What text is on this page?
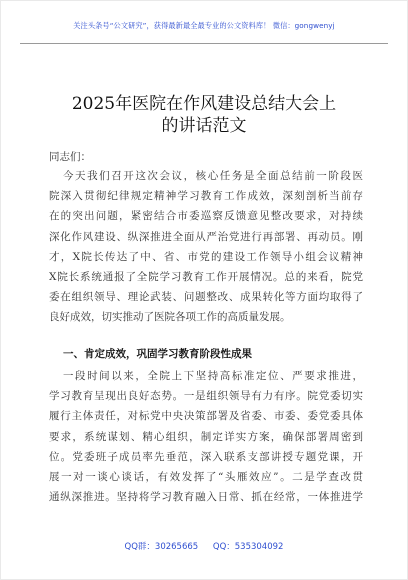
关注头条号“公文研究”，获得最新最全最专业的公文资料库！ 微信：gongwenyj
2025年医院在作风建设总结大会上
的讲话范文
同志们：
今天我们召开这次会议，核心任务是全面总结前一阶段医
院深入贯彻纪律规定精神学习教育工作成效，深刻剖析当前存
在的突出问题，紧密结合市委巡察反馈意见整改要求，对持续
深化作风建设、纵深推进全面从严治党进行再部署、再动员。刚
才，X院长传达了中、省、市党的建设工作领导小组会议精神
X院长系统通报了全院学习教育工作开展情况。总的来看，院党
委在组织领导、理论武装、问题整改、成果转化等方面均取得了
良好成效，切实推动了医院各项工作的高质量发展。
一、肯定成效，巩固学习教育阶段性成果
一段时间以来，全院上下坚持高标准定位、严要求推进，
学习教育呈现出良好态势。一是组织领导有力有序。院党委切实
履行主体责任，对标党中央决策部署及省委、市委、委党委具体
要求，系统谋划、精心组织，制定详实方案，确保部署周密到
位。党委班子成员率先垂范，深入联系支部讲授专题党课，开
展一对一谈心谈话，有效发挥了“头雁效应”。二是学查改贯
通纵深推进。坚持将学习教育融入日常、抓在经常，一体推进学
QQ群：30265665 QQ：535304092
